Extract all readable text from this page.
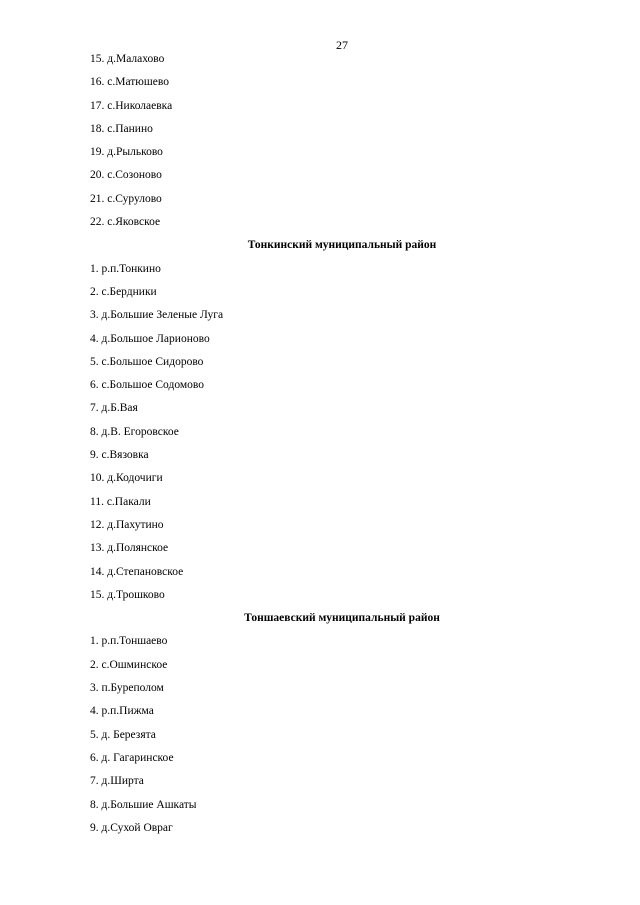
27
15. д.Малахово
16. с.Матюшево
17. с.Николаевка
18. с.Панино
19. д.Рыльково
20. с.Созоново
21. с.Сурулово
22. с.Яковское
Тонкинский муниципальный район
1. р.п.Тонкино
2. с.Бердники
3. д.Большие Зеленые Луга
4. д.Большое Ларионово
5. с.Большое Сидорово
6. с.Большое Содомово
7. д.Б.Вая
8. д.В. Егоровское
9. с.Вязовка
10. д.Кодочиги
11. с.Пакали
12. д.Пахутино
13. д.Полянское
14. д.Степановское
15. д.Трошково
Тоншаевский муниципальный район
1. р.п.Тоншаево
2. с.Ошминское
3. п.Буреполом
4. р.п.Пижма
5. д. Березята
6. д. Гагаринское
7. д.Ширта
8. д.Большие Ашкаты
9. д.Сухой Овраг
